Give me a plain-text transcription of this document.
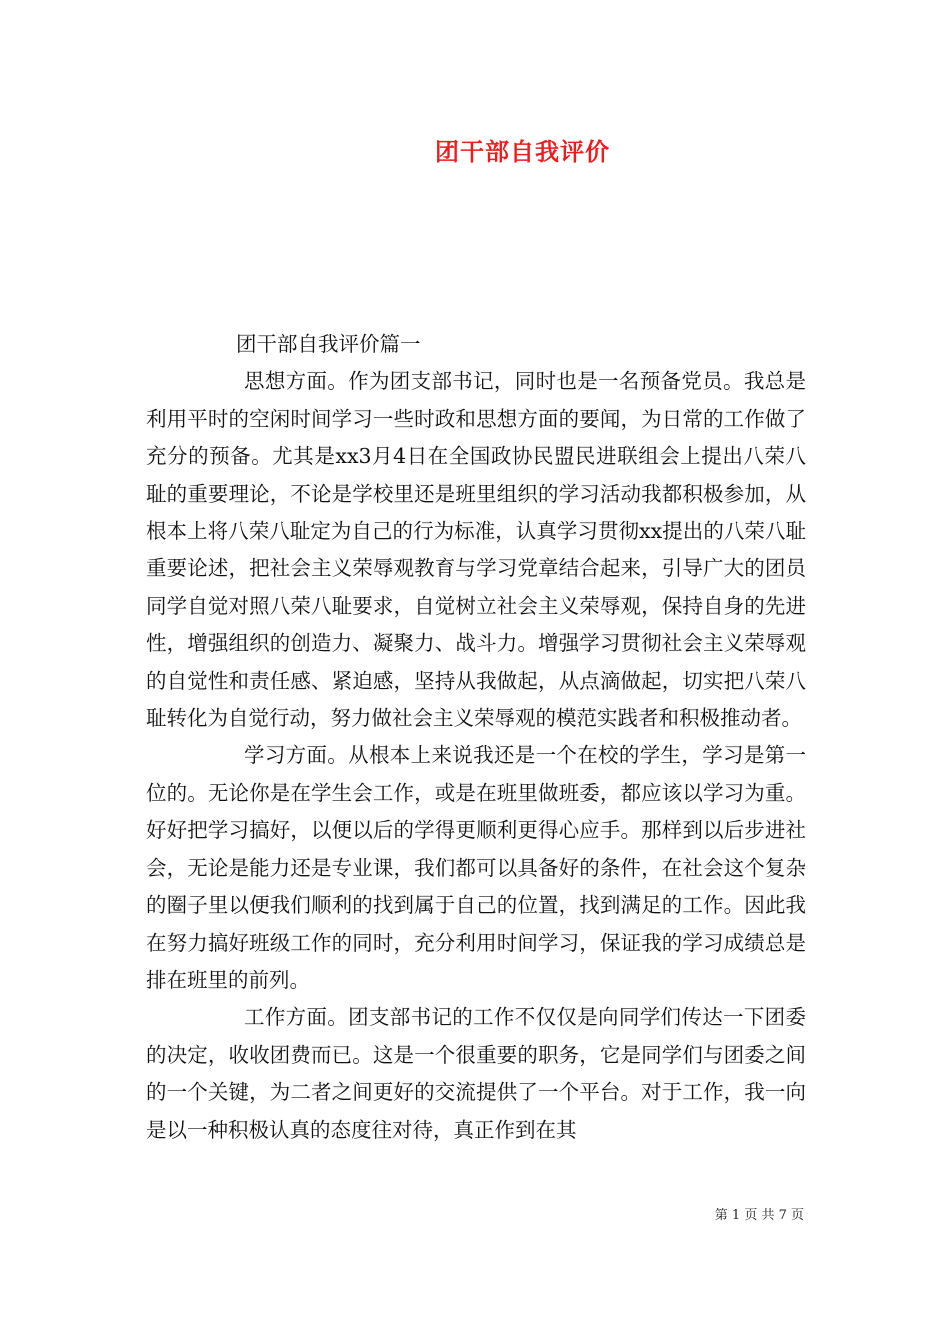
团干部自我评价

团干部自我评价篇一

思想方面。作为团支部书记，同时也是一名预备党员。我总是利用平时的空闲时间学习一些时政和思想方面的要闻，为日常的工作做了充分的预备。尤其是xx3月4日在全国政协民盟民进联组会上提出八荣八耻的重要理论，不论是学校里还是班里组织的学习活动我都积极参加，从根本上将八荣八耻定为自己的行为标准，认真学习贯彻xx提出的八荣八耻重要论述，把社会主义荣辱观教育与学习党章结合起来，引导广大的团员同学自觉对照八荣八耻要求，自觉树立社会主义荣辱观，保持自身的先进性，增强组织的创造力、凝聚力、战斗力。增强学习贯彻社会主义荣辱观的自觉性和责任感、紧迫感，坚持从我做起，从点滴做起，切实把八荣八耻转化为自觉行动，努力做社会主义荣辱观的模范实践者和积极推动者。

学习方面。从根本上来说我还是一个在校的学生，学习是第一位的。无论你是在学生会工作，或是在班里做班委，都应该以学习为重。好好把学习搞好，以便以后的学得更顺利更得心应手。那样到以后步进社会，无论是能力还是专业课，我们都可以具备好的条件，在社会这个复杂的圈子里以便我们顺利的找到属于自己的位置，找到满足的工作。因此我在努力搞好班级工作的同时，充分利用时间学习，保证我的学习成绩总是排在班里的前列。

工作方面。团支部书记的工作不仅仅是向同学们传达一下团委的决定，收收团费而已。这是一个很重要的职务，它是同学们与团委之间的一个关键，为二者之间更好的交流提供了一个平台。对于工作，我一向是以一种积极认真的态度往对待，真正作到在其

第 1 页 共 7 页
